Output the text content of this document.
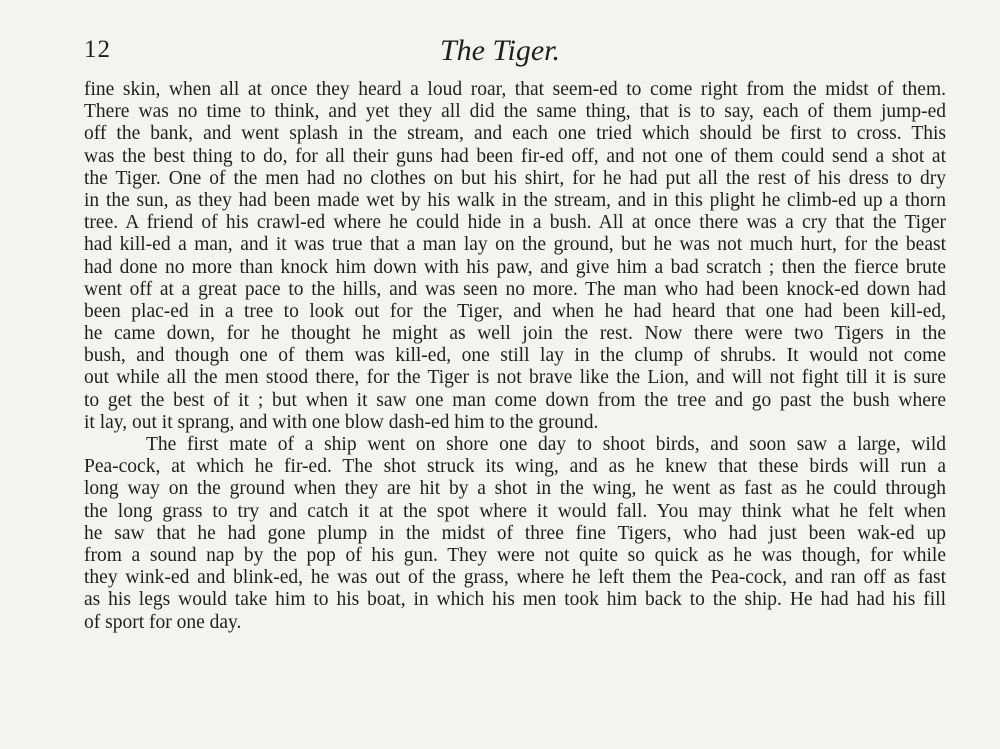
12	The Tiger.
fine skin, when all at once they heard a loud roar, that seem-ed to come right from the midst of them.
There was no time to think, and yet they all did the same thing, that is to say, each of them jump-ed
off the bank, and went splash in the stream, and each one tried which should be first to cross. This
was the best thing to do, for all their guns had been fir-ed off, and not one of them could send a shot at
the Tiger. One of the men had no clothes on but his shirt, for he had put all the rest of his dress to dry
in the sun, as they had been made wet by his walk in the stream, and in this plight he climb-ed up a thorn
tree. A friend of his crawl-ed where he could hide in a bush. All at once there was a cry that the Tiger
had kill-ed a man, and it was true that a man lay on the ground, but he was not much hurt, for the beast
had done no more than knock him down with his paw, and give him a bad scratch ; then the fierce brute
went off at a great pace to the hills, and was seen no more. The man who had been knock-ed down had
been plac-ed in a tree to look out for the Tiger, and when he had heard that one had been kill-ed,
he came down, for he thought he might as well join the rest. Now there were two Tigers in the
bush, and though one of them was kill-ed, one still lay in the clump of shrubs. It would not come
out while all the men stood there, for the Tiger is not brave like the Lion, and will not fight till it is sure
to get the best of it ; but when it saw one man come down from the tree and go past the bush where
it lay, out it sprang, and with one blow dash-ed him to the ground.
The first mate of a ship went on shore one day to shoot birds, and soon saw a large, wild
Pea-cock, at which he fir-ed. The shot struck its wing, and as he knew that these birds will run a
long way on the ground when they are hit by a shot in the wing, he went as fast as he could through
the long grass to try and catch it at the spot where it would fall. You may think what he felt when
he saw that he had gone plump in the midst of three fine Tigers, who had just been wak-ed up
from a sound nap by the pop of his gun. They were not quite so quick as he was though, for while
they wink-ed and blink-ed, he was out of the grass, where he left them the Pea-cock, and ran off as fast
as his legs would take him to his boat, in which his men took him back to the ship. He had had his fill
of sport for one day.
